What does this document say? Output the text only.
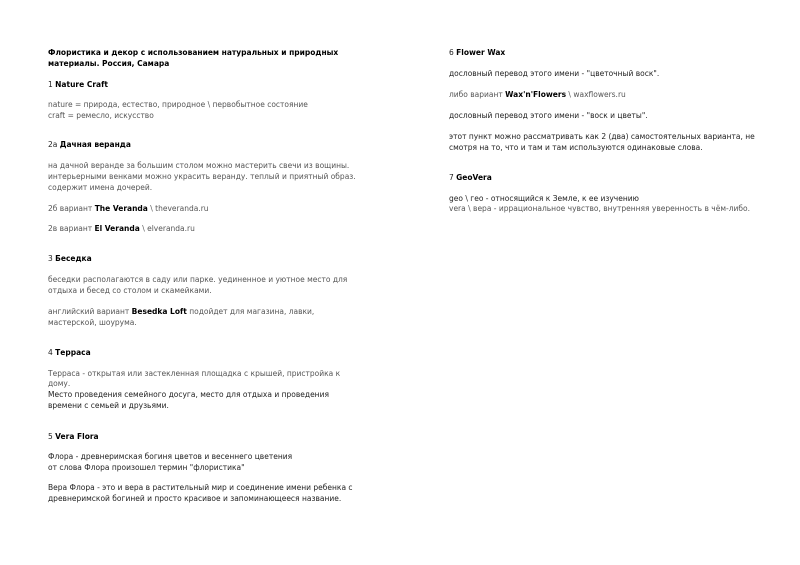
Флористика и декор с использованием натуральных и природных
материалы. Россия, Самара
1 Nature Craft
nature = природа, естество, природное \ первобытное состояние
craft = ремесло, искусство
2а Дачная веранда
на дачной веранде за большим столом можно мастерить свечи из вощины.
интерьерными венками можно украсить веранду. теплый и приятный образ.
содержит имена дочерей.
2б вариант The Veranda \ theveranda.ru
2в вариант El Veranda \ elveranda.ru
3 Беседка
беседки располагаются в саду или парке. уединенное и уютное место для
отдыха и бесед со столом и скамейками.
английский вариант Besedka Loft подойдет для магазина, лавки,
мастерской, шоурума.
4 Терраса
Терраса - открытая или застекленная площадка с крышей, пристройка к
дому.
Место проведения семейного досуга, место для отдыха и проведения
времени с семьей и друзьями.
5 Vera Flora
Флора - древнеримская богиня цветов и весеннего цветения
от слова Флора произошел термин "флористика"
Вера Флора - это и вера в растительный мир и соединение имени ребенка с
древнеримской богиней и просто красивое и запоминающееся название.
6 Flower Wax
дословный перевод этого имени - "цветочный воск".
либо вариант Wax'n'Flowers \ waxflowers.ru
дословный перевод этого имени - "воск и цветы".
этот пункт можно рассматривать как 2 (два) самостоятельных варианта, не
смотря на то, что и там и там используются одинаковые слова.
7 GeoVera
geo \ гео - относящийся к Земле, к ее изучению
vera \ вера - иррациональное чувство, внутренняя уверенность в чём-либо.
